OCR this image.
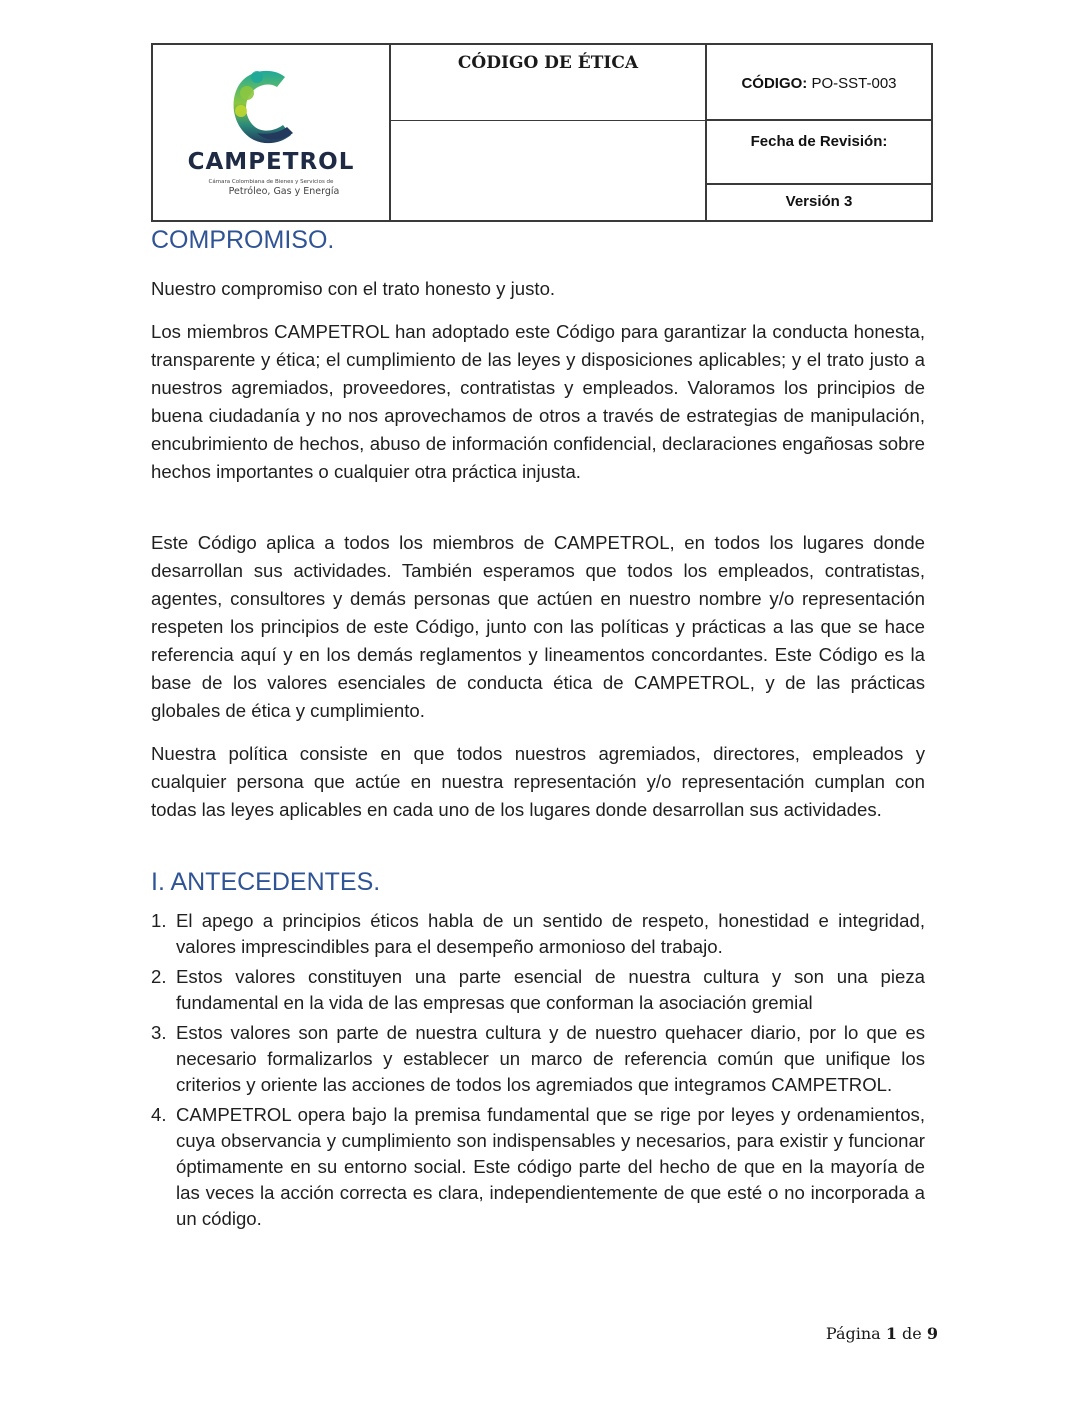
CAMPETROL
Cámara Colombiana de Bienes y Servicios de
Petróleo, Gas y Energía
CÓDIGO DE ÉTICA
CÓDIGO: PO-SST-003
Fecha de Revisión:
Versión 3
COMPROMISO.

Nuestro compromiso con el trato honesto y justo.

Los miembros CAMPETROL han adoptado este Código para garantizar la conducta honesta, transparente y ética; el cumplimiento de las leyes y disposiciones aplicables; y el trato justo a nuestros agremiados, proveedores, contratistas y empleados. Valoramos los principios de buena ciudadanía y no nos aprovechamos de otros a través de estrategias de manipulación, encubrimiento de hechos, abuso de información confidencial, declaraciones engañosas sobre hechos importantes o cualquier otra práctica injusta.

Este Código aplica a todos los miembros de CAMPETROL, en todos los lugares donde desarrollan sus actividades. También esperamos que todos los empleados, contratistas, agentes, consultores y demás personas que actúen en nuestro nombre y/o representación respeten los principios de este Código, junto con las políticas y prácticas a las que se hace referencia aquí y en los demás reglamentos y lineamentos concordantes. Este Código es la base de los valores esenciales de conducta ética de CAMPETROL, y de las prácticas globales de ética y cumplimiento.

Nuestra política consiste en que todos nuestros agremiados, directores, empleados y cualquier persona que actúe en nuestra representación y/o representación cumplan con todas las leyes aplicables en cada uno de los lugares donde desarrollan sus actividades.

I. ANTECEDENTES.
1. El apego a principios éticos habla de un sentido de respeto, honestidad e integridad, valores imprescindibles para el desempeño armonioso del trabajo.
2. Estos valores constituyen una parte esencial de nuestra cultura y son una pieza fundamental en la vida de las empresas que conforman la asociación gremial
3. Estos valores son parte de nuestra cultura y de nuestro quehacer diario, por lo que es necesario formalizarlos y establecer un marco de referencia común que unifique los criterios y oriente las acciones de todos los agremiados que integramos CAMPETROL.
4. CAMPETROL opera bajo la premisa fundamental que se rige por leyes y ordenamientos, cuya observancia y cumplimiento son indispensables y necesarios, para existir y funcionar óptimamente en su entorno social. Este código parte del hecho de que en la mayoría de las veces la acción correcta es clara, independientemente de que esté o no incorporada a un código.
Página 1 de 9
